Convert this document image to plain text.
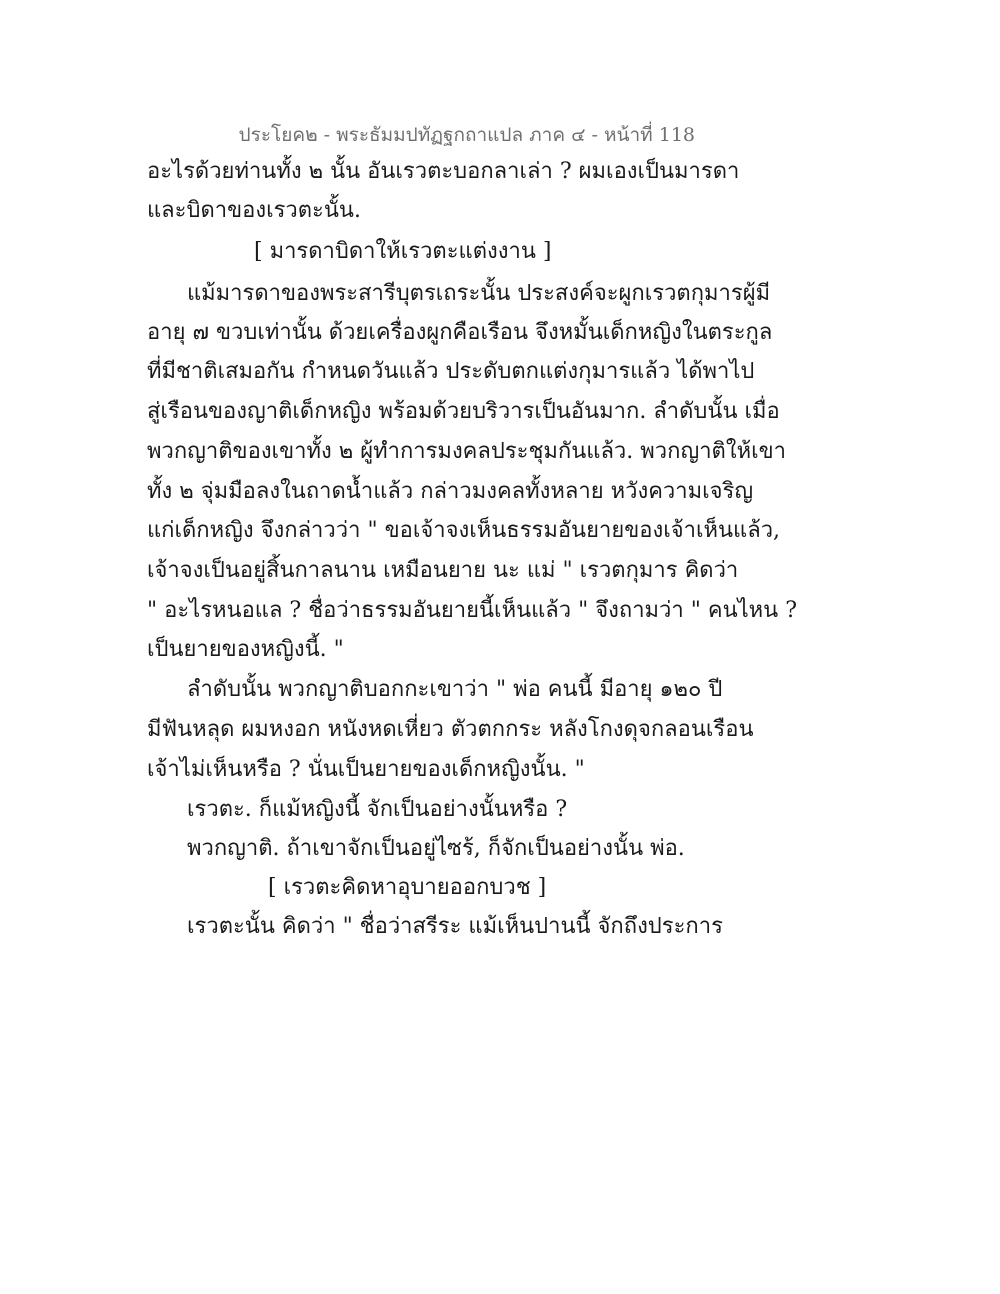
ประโยค๒ - พระธัมมปทัฏฐกถาแปล ภาค ๔ - หน้าที่ 118
อะไรด้วยท่านทั้ง ๒ นั้น อันเรวตะบอกลาเล่า ? ผมเองเป็นมารดา
และบิดาของเรวตะนั้น.
[ มารดาบิดาให้เรวตะแต่งงาน ]
แม้มารดาของพระสารีบุตรเถระนั้น ประสงค์จะผูกเรวตกุมารผู้มี
อายุ ๗ ขวบเท่านั้น ด้วยเครื่องผูกคือเรือน จึงหมั้นเด็กหญิงในตระกูล
ที่มีชาติเสมอกัน กำหนดวันแล้ว ประดับตกแต่งกุมารแล้ว ได้พาไป
สู่เรือนของญาติเด็กหญิง พร้อมด้วยบริวารเป็นอันมาก. ลำดับนั้น เมื่อ
พวกญาติของเขาทั้ง ๒ ผู้ทำการมงคลประชุมกันแล้ว. พวกญาติให้เขา
ทั้ง ๒ จุ่มมือลงในถาดน้ำแล้ว กล่าวมงคลทั้งหลาย หวังความเจริญ
แก่เด็กหญิง จึงกล่าวว่า " ขอเจ้าจงเห็นธรรมอันยายของเจ้าเห็นแล้ว,
เจ้าจงเป็นอยู่สิ้นกาลนาน เหมือนยาย นะ แม่ " เรวตกุมาร คิดว่า
" อะไรหนอแล ? ชื่อว่าธรรมอันยายนี้เห็นแล้ว " จึงถามว่า " คนไหน ?
เป็นยายของหญิงนี้. "
ลำดับนั้น พวกญาติบอกกะเขาว่า " พ่อ คนนี้ มีอายุ ๑๒๐ ปี
มีฟันหลุด ผมหงอก หนังหดเหี่ยว ตัวตกกระ หลังโกงดุจกลอนเรือน
เจ้าไม่เห็นหรือ ? นั่นเป็นยายของเด็กหญิงนั้น. "
เรวตะ. ก็แม้หญิงนี้ จักเป็นอย่างนั้นหรือ ?
พวกญาติ. ถ้าเขาจักเป็นอยู่ไซร้, ก็จักเป็นอย่างนั้น พ่อ.
[ เรวตะคิดหาอุบายออกบวช ]
เรวตะนั้น คิดว่า " ชื่อว่าสรีระ แม้เห็นปานนี้ จักถึงประการ
